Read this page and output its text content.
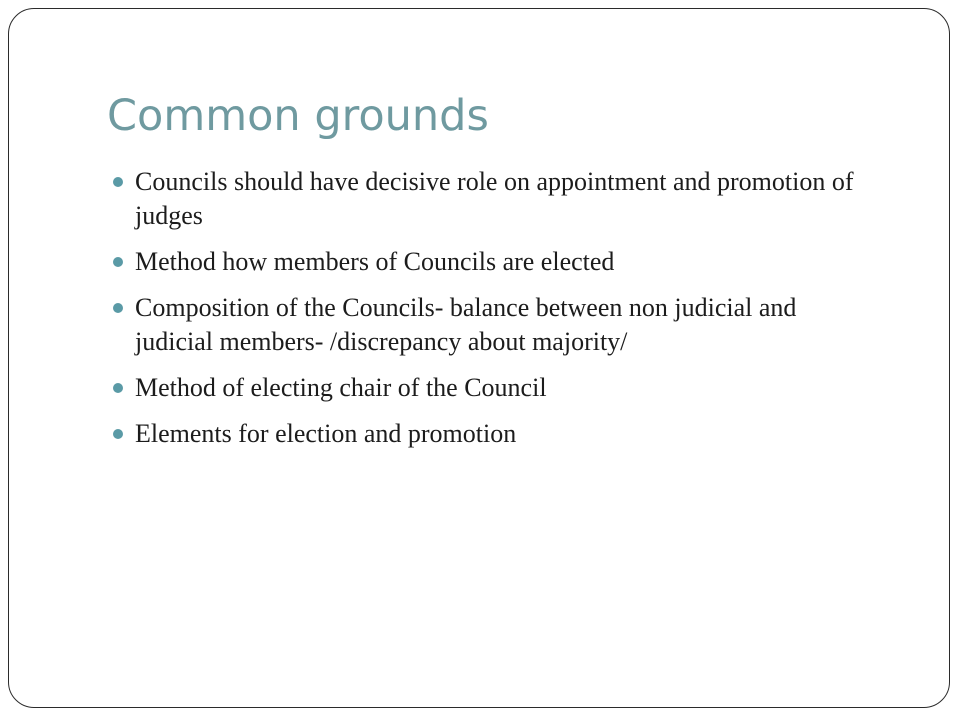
Common grounds
Councils should have decisive role on appointment and promotion of judges
Method how members of Councils are elected
Composition of the Councils- balance between non judicial and judicial members- /discrepancy about majority/
Method of electing chair of the Council
Elements for election and promotion
